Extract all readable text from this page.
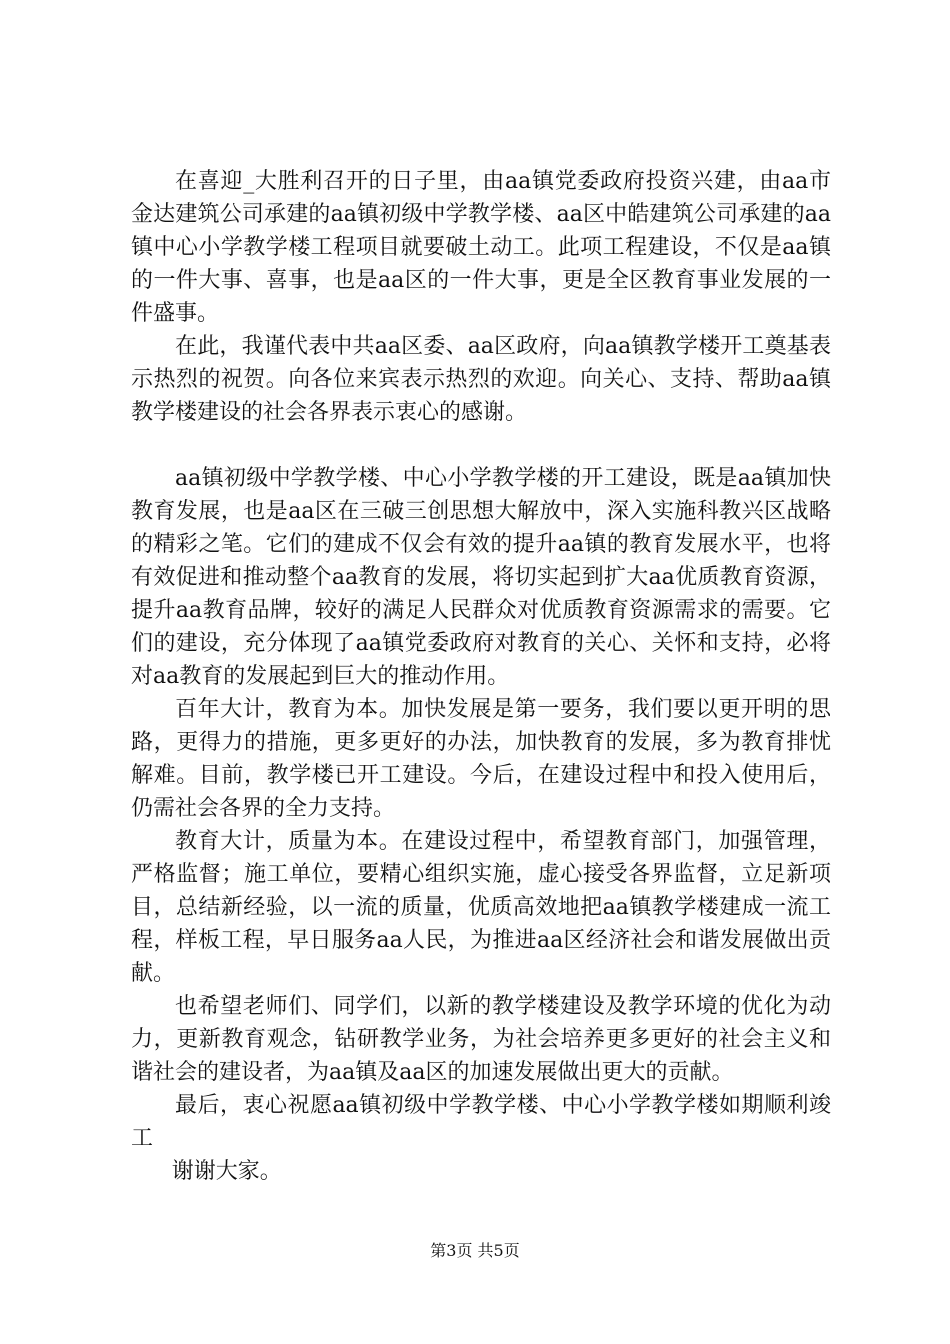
在喜迎_大胜利召开的日子里，由aa镇党委政府投资兴建，由aa市金达建筑公司承建的aa镇初级中学教学楼、aa区中皓建筑公司承建的aa镇中心小学教学楼工程项目就要破土动工。此项工程建设，不仅是aa镇的一件大事、喜事，也是aa区的一件大事，更是全区教育事业发展的一件盛事。

在此，我谨代表中共aa区委、aa区政府，向aa镇教学楼开工奠基表示热烈的祝贺。向各位来宾表示热烈的欢迎。向关心、支持、帮助aa镇教学楼建设的社会各界表示衷心的感谢。

aa镇初级中学教学楼、中心小学教学楼的开工建设，既是aa镇加快教育发展，也是aa区在三破三创思想大解放中，深入实施科教兴区战略的精彩之笔。它们的建成不仅会有效的提升aa镇的教育发展水平，也将有效促进和推动整个aa教育的发展，将切实起到扩大aa优质教育资源，提升aa教育品牌，较好的满足人民群众对优质教育资源需求的需要。它们的建设，充分体现了aa镇党委政府对教育的关心、关怀和支持，必将对aa教育的发展起到巨大的推动作用。

百年大计，教育为本。加快发展是第一要务，我们要以更开明的思路，更得力的措施，更多更好的办法，加快教育的发展，多为教育排忧解难。目前，教学楼已开工建设。今后，在建设过程中和投入使用后，仍需社会各界的全力支持。

教育大计，质量为本。在建设过程中，希望教育部门，加强管理，严格监督；施工单位，要精心组织实施，虚心接受各界监督，立足新项目，总结新经验，以一流的质量，优质高效地把aa镇教学楼建成一流工程，样板工程，早日服务aa人民，为推进aa区经济社会和谐发展做出贡献。

也希望老师们、同学们，以新的教学楼建设及教学环境的优化为动力，更新教育观念，钻研教学业务，为社会培养更多更好的社会主义和谐社会的建设者，为aa镇及aa区的加速发展做出更大的贡献。

最后，衷心祝愿aa镇初级中学教学楼、中心小学教学楼如期顺利竣工

谢谢大家。

第3页 共5页
